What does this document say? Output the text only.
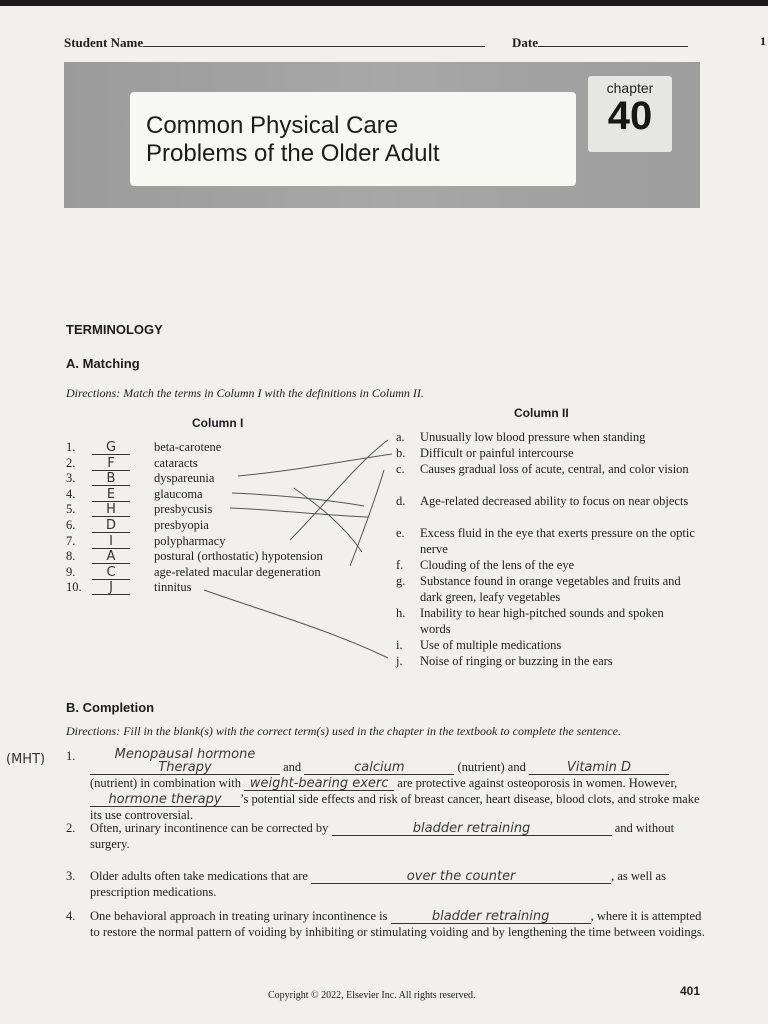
Student Name	Date	1
Common Physical Care
Problems of the Older Adult
chapter
40
TERMINOLOGY
A. Matching
Directions: Match the terms in Column I with the definitions in Column II.
Column I
Column II
1. G	beta-carotene
2. F	cataracts
3. B	dyspareunia
4. E	glaucoma
5. H	presbycusis
6. D	presbyopia
7.	I	polypharmacy
8. A	postural (orthostatic) hypotension
9. C	age-related macular degeneration
10. J	tinnitus
a.	Unusually low blood pressure when standing
b.	Difficult or painful intercourse
c.	Causes gradual loss of acute, central, and color vision
d.	Age-related decreased ability to focus on near objects
e.	Excess fluid in the eye that exerts pressure on the optic nerve
f.	Clouding of the lens of the eye
g.	Substance found in orange vegetables and fruits and dark green, leafy vegetables
h.	Inability to hear high-pitched sounds and spoken words
i.	Use of multiple medications
j.	Noise of ringing or buzzing in the ears
B. Completion
Directions: Fill in the blank(s) with the correct term(s) used in the chapter in the textbook to complete the sentence.
(MHT) 1.	Menopausal hormone Therapy	and	calcium	(nutrient) and	Vitamin D
(nutrient) in combination with weight-bearing exerc are protective against osteoporosis in women. However, hormone therapy ’s potential side effects and risk of breast cancer, heart disease, blood clots, and stroke make its use controversial.
2. Often, urinary incontinence can be corrected by	bladder retraining	and without surgery.
3. Older adults often take medications that are	over the counter	, as well as prescription medications.
4. One behavioral approach in treating urinary incontinence is	bladder retraining	, where it is attempted to restore the normal pattern of voiding by inhibiting or stimulating voiding and by lengthening the time between voidings.
Copyright © 2022, Elsevier Inc. All rights reserved.	401
